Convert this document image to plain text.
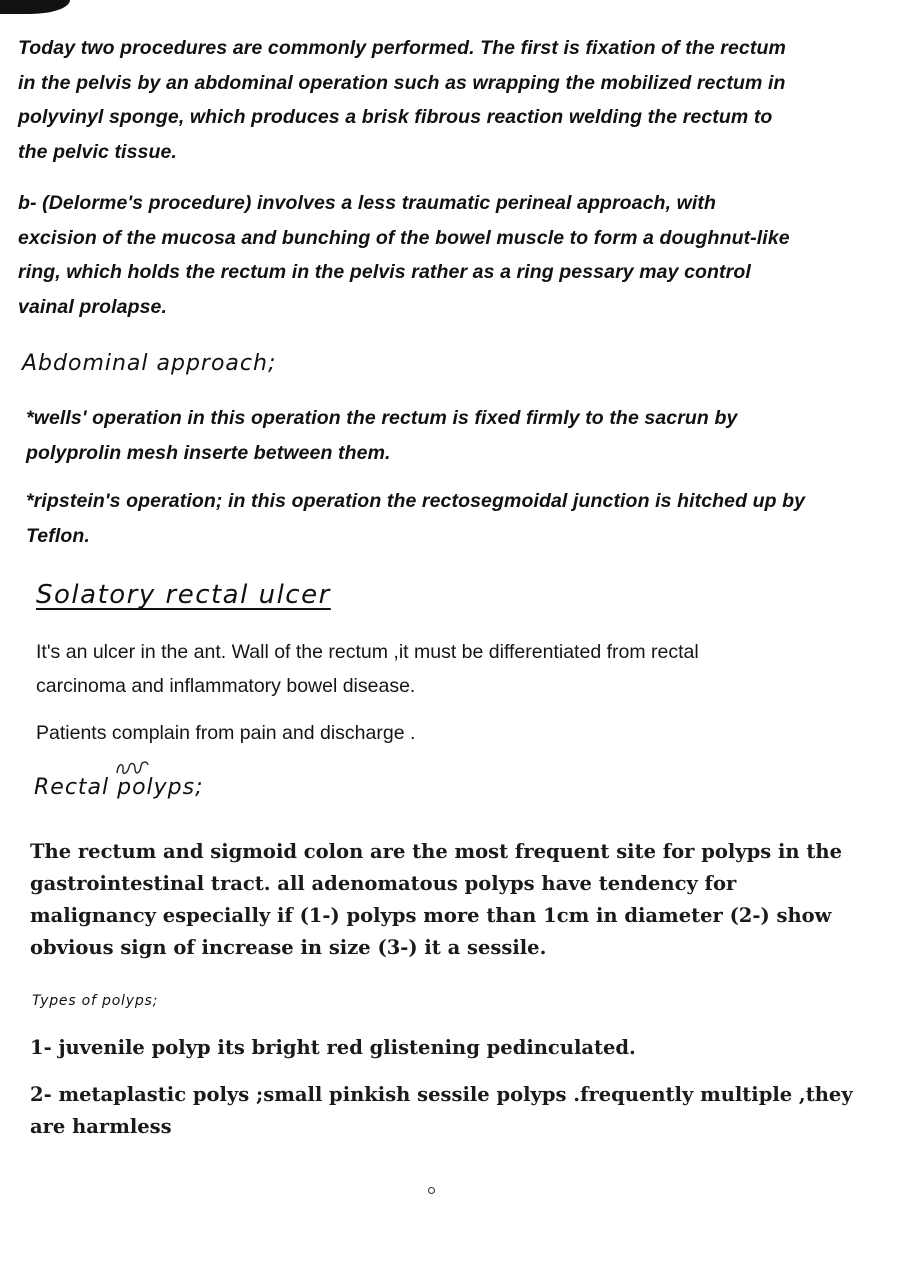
Today two procedures are commonly performed. The first is fixation of the rectum
in the pelvis by an abdominal operation such as wrapping the mobilized rectum in
polyvinyl sponge, which produces a brisk fibrous reaction welding the rectum to
the pelvic tissue.
b- (Delorme's procedure) involves a less traumatic perineal approach, with
excision of the mucosa and bunching of the bowel muscle to form a doughnut-like
ring, which holds the rectum in the pelvis rather as a ring pessary may control
vainal prolapse.
Abdominal approach;
*wells' operation in this operation the rectum is fixed firmly to the sacrun by
polyprolin mesh inserte between them.
*ripstein's operation; in this operation the rectosegmoidal junction is hitched up by
Teflon.
Solatory rectal ulcer
It's an ulcer in the ant. Wall of the rectum ,it must be differentiated from rectal
carcinoma and inflammatory bowel disease.
Patients complain from pain and discharge .
Rectal polyps;
The rectum and sigmoid colon are the most frequent site for polyps in the
gastrointestinal tract. all adenomatous polyps have tendency for
malignancy especially if (1-) polyps more than 1cm in diameter (2-) show
obvious sign of increase in size (3-) it a sessile.
Types of polyps;
1- juvenile polyp its bright red glistening pedinculated.
2- metaplastic polys ;small pinkish sessile polyps .frequently multiple ,they
are harmless
